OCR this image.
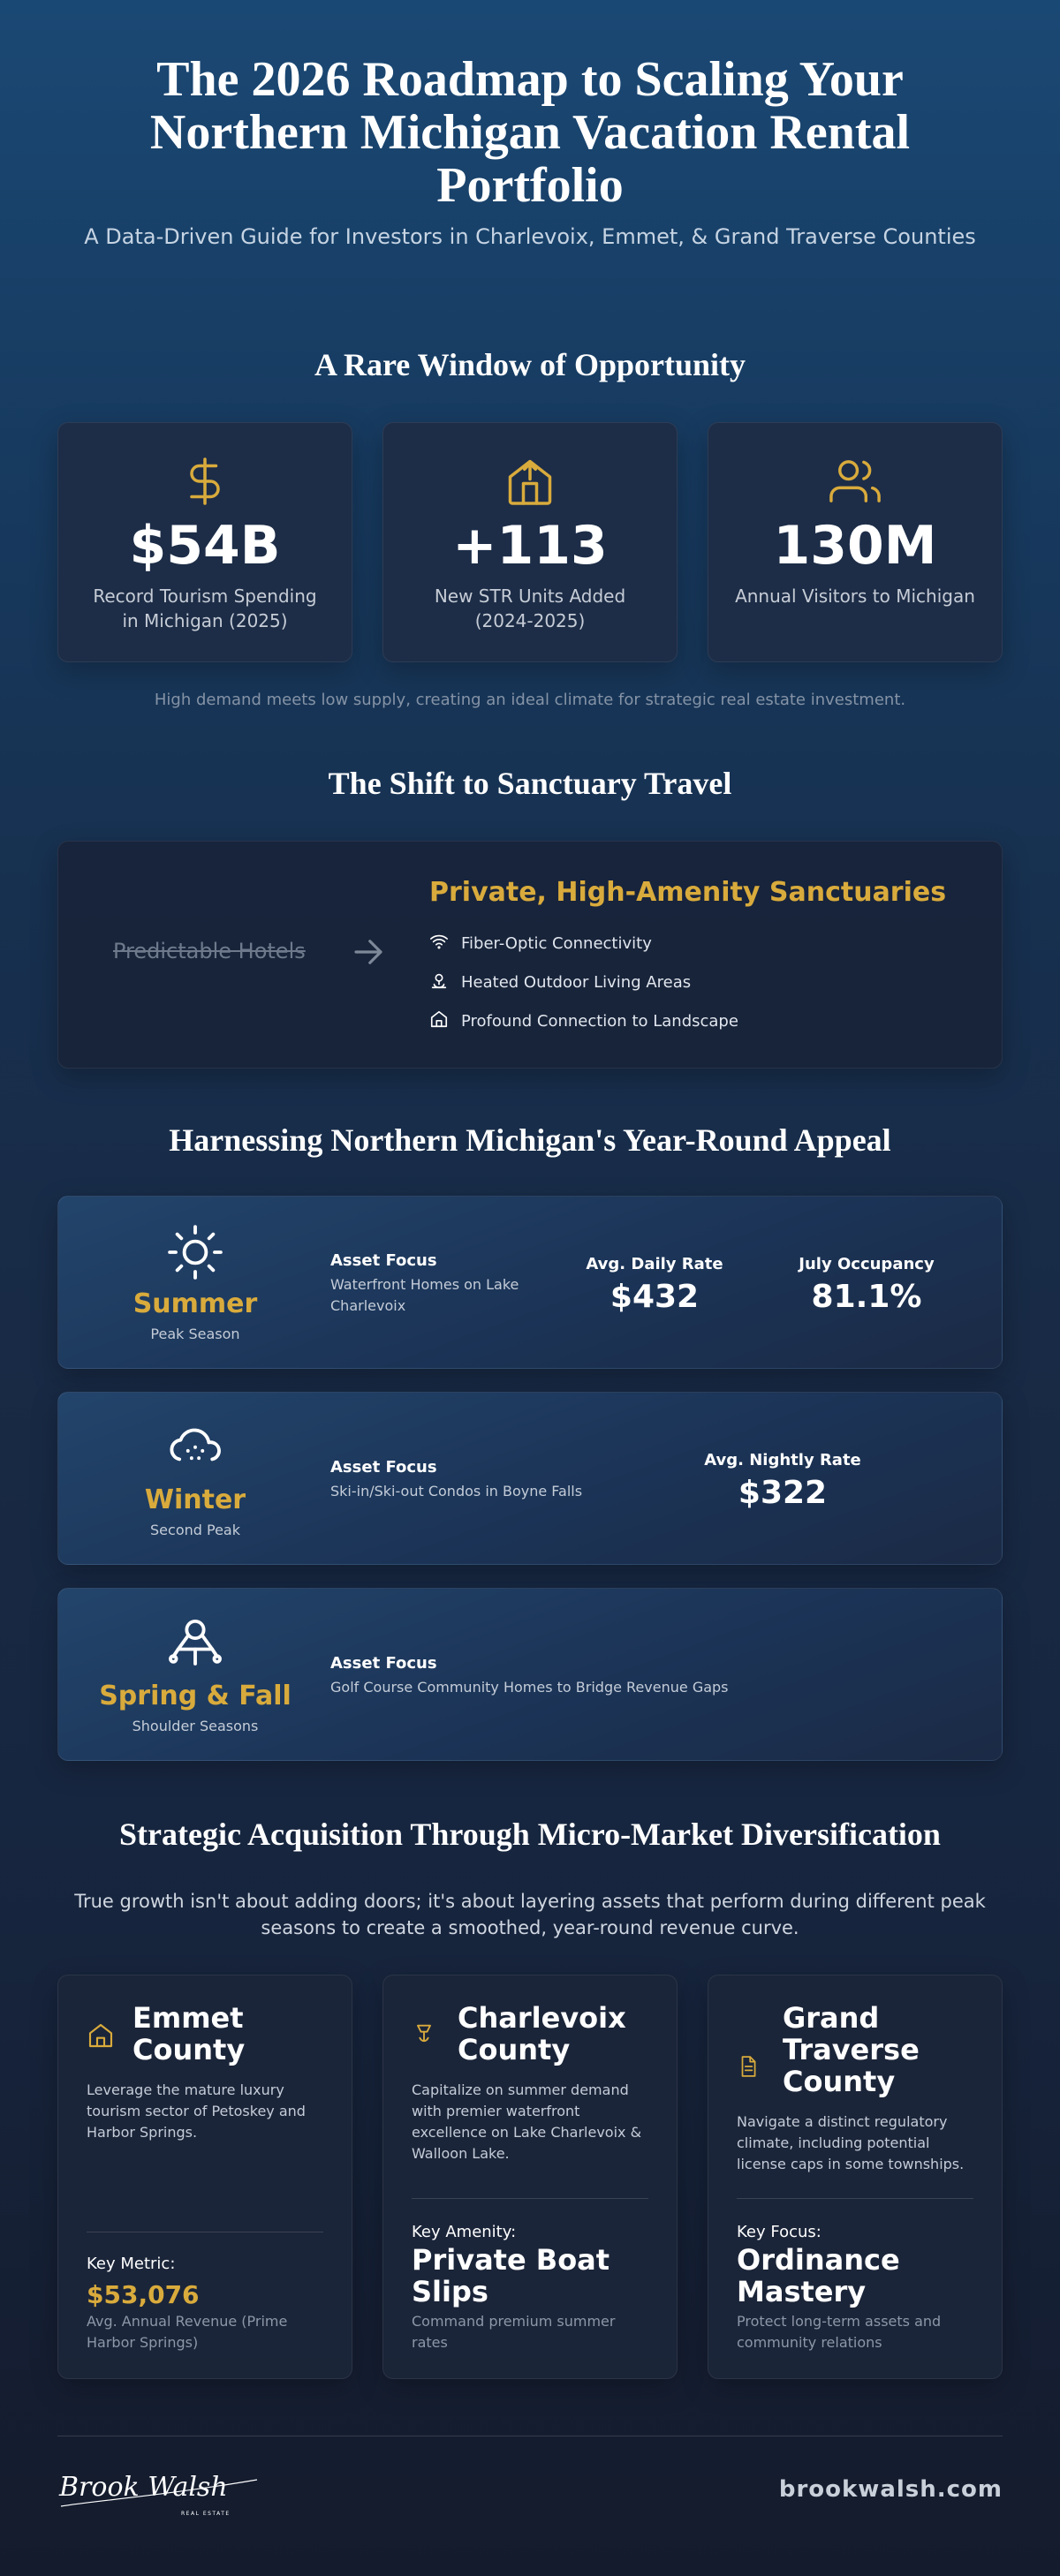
The 2026 Roadmap to Scaling Your Northern Michigan Vacation Rental Portfolio

A Data-Driven Guide for Investors in Charlevoix, Emmet, & Grand Traverse Counties

A Rare Window of Opportunity
$54B
Record Tourism Spending in Michigan (2025)
+113
New STR Units Added (2024-2025)
130M
Annual Visitors to Michigan
High demand meets low supply, creating an ideal climate for strategic real estate investment.
The Shift to Sanctuary Travel
Predictable Hotels
Private, High-Amenity Sanctuaries
Fiber-Optic Connectivity
Heated Outdoor Living Areas
Profound Connection to Landscape
Harnessing Northern Michigan's Year-Round Appeal
Summer
Peak Season
Asset Focus
Waterfront Homes on Lake Charlevoix
Avg. Daily Rate
$432
July Occupancy
81.1%
Winter
Second Peak
Asset Focus
Ski-in/Ski-out Condos in Boyne Falls
Avg. Nightly Rate
$322
Spring & Fall
Shoulder Seasons
Asset Focus
Golf Course Community Homes to Bridge Revenue Gaps
Strategic Acquisition Through Micro-Market Diversification
True growth isn't about adding doors; it's about layering assets that perform during different peak seasons to create a smoothed, year-round revenue curve.
Emmet County
Leverage the mature luxury tourism sector of Petoskey and Harbor Springs.
Key Metric:
$53,076
Avg. Annual Revenue (Prime Harbor Springs)
Charlevoix County
Capitalize on summer demand with premier waterfront excellence on Lake Charlevoix & Walloon Lake.
Key Amenity:
Private Boat Slips
Command premium summer rates
Grand Traverse County
Navigate a distinct regulatory climate, including potential license caps in some townships.
Key Focus:
Ordinance Mastery
Protect long-term assets and community relations
Brook Walsh
REAL ESTATE
brookwalsh.com
